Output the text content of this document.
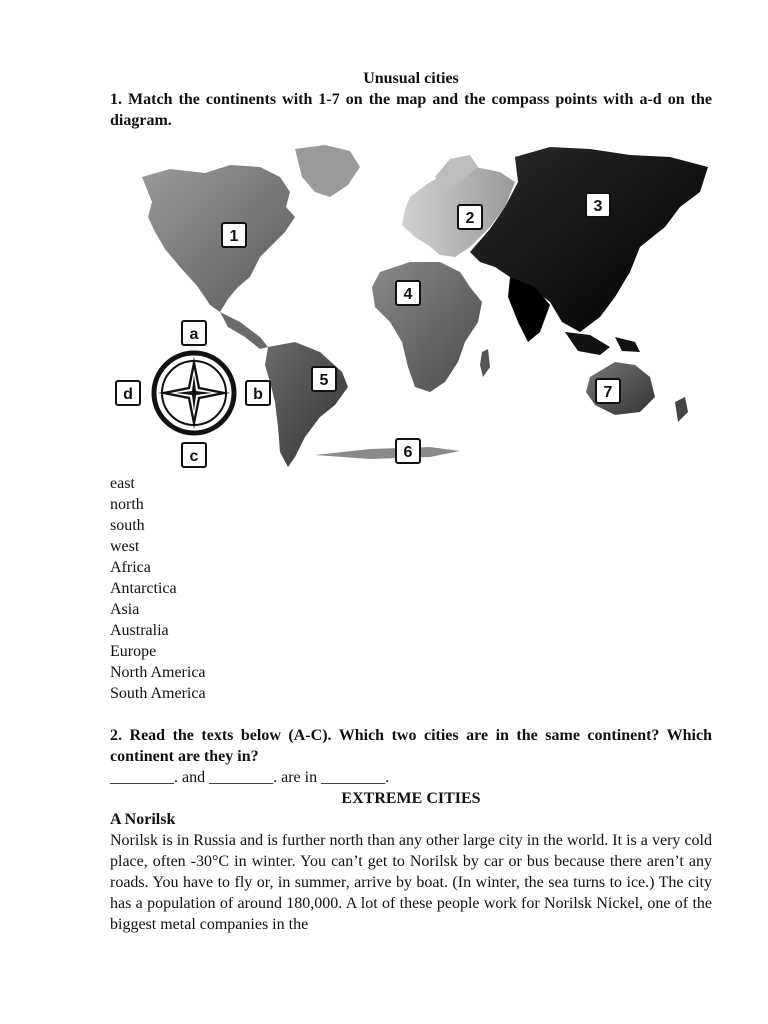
Unusual cities

1. Match the continents with 1-7 on the map and the compass points with a-d on the diagram.

1
2
3
4
5
6
7
a
b
c
d
east
north
south
west
Africa
Antarctica
Asia
Australia
Europe
North America
South America

2. Read the texts below (A-C). Which two cities are in the same continent? Which continent are they in?

________. and ________. are in ________.

EXTREME CITIES

A Norilsk

Norilsk is in Russia and is further north than any other large city in the world. It is a very cold place, often -30°C in winter. You can’t get to Norilsk by car or bus because there aren’t any roads. You have to fly or, in summer, arrive by boat. (In winter, the sea turns to ice.) The city has a population of around 180,000. A lot of these people work for Norilsk Nickel, one of the biggest metal companies in the
